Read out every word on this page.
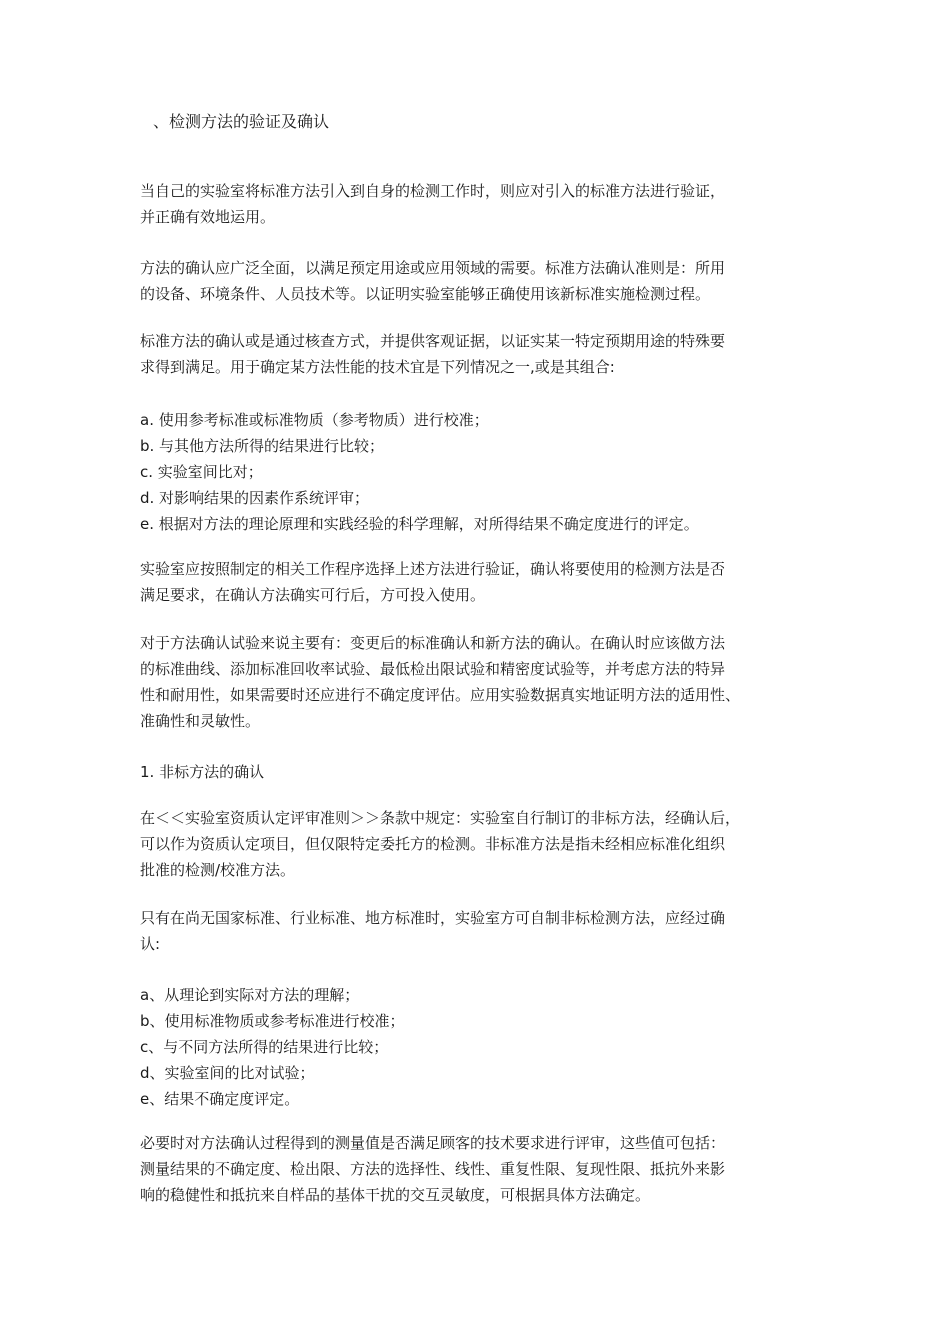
、检测方法的验证及确认
当自己的实验室将标准方法引入到自身的检测工作时，则应对引入的标准方法进行验证，
并正确有效地运用。
方法的确认应广泛全面，以满足预定用途或应用领域的需要。标准方法确认准则是：所用
的设备、环境条件、人员技术等。以证明实验室能够正确使用该新标准实施检测过程。
标准方法的确认或是通过核查方式，并提供客观证据，以证实某一特定预期用途的特殊要
求得到满足。用于确定某方法性能的技术宜是下列情况之一,或是其组合:
a. 使用参考标准或标准物质（参考物质）进行校准；
b. 与其他方法所得的结果进行比较；
c. 实验室间比对；
d. 对影响结果的因素作系统评审；
e. 根据对方法的理论原理和实践经验的科学理解，对所得结果不确定度进行的评定。
实验室应按照制定的相关工作程序选择上述方法进行验证，确认将要使用的检测方法是否
满足要求，在确认方法确实可行后，方可投入使用。
对于方法确认试验来说主要有：变更后的标准确认和新方法的确认。在确认时应该做方法
的标准曲线、添加标准回收率试验、最低检出限试验和精密度试验等，并考虑方法的特异
性和耐用性，如果需要时还应进行不确定度评估。应用实验数据真实地证明方法的适用性、
准确性和灵敏性。
1. 非标方法的确认
在＜＜实验室资质认定评审准则＞＞条款中规定：实验室自行制订的非标方法，经确认后，
可以作为资质认定项目，但仅限特定委托方的检测。非标准方法是指未经相应标准化组织
批准的检测/校准方法。
只有在尚无国家标准、行业标准、地方标准时，实验室方可自制非标检测方法，应经过确
认:
a、从理论到实际对方法的理解；
b、使用标准物质或参考标准进行校准；
c、与不同方法所得的结果进行比较；
d、实验室间的比对试验；
e、结果不确定度评定。
必要时对方法确认过程得到的测量值是否满足顾客的技术要求进行评审，这些值可包括：
测量结果的不确定度、检出限、方法的选择性、线性、重复性限、复现性限、抵抗外来影
响的稳健性和抵抗来自样品的基体干扰的交互灵敏度，可根据具体方法确定。
